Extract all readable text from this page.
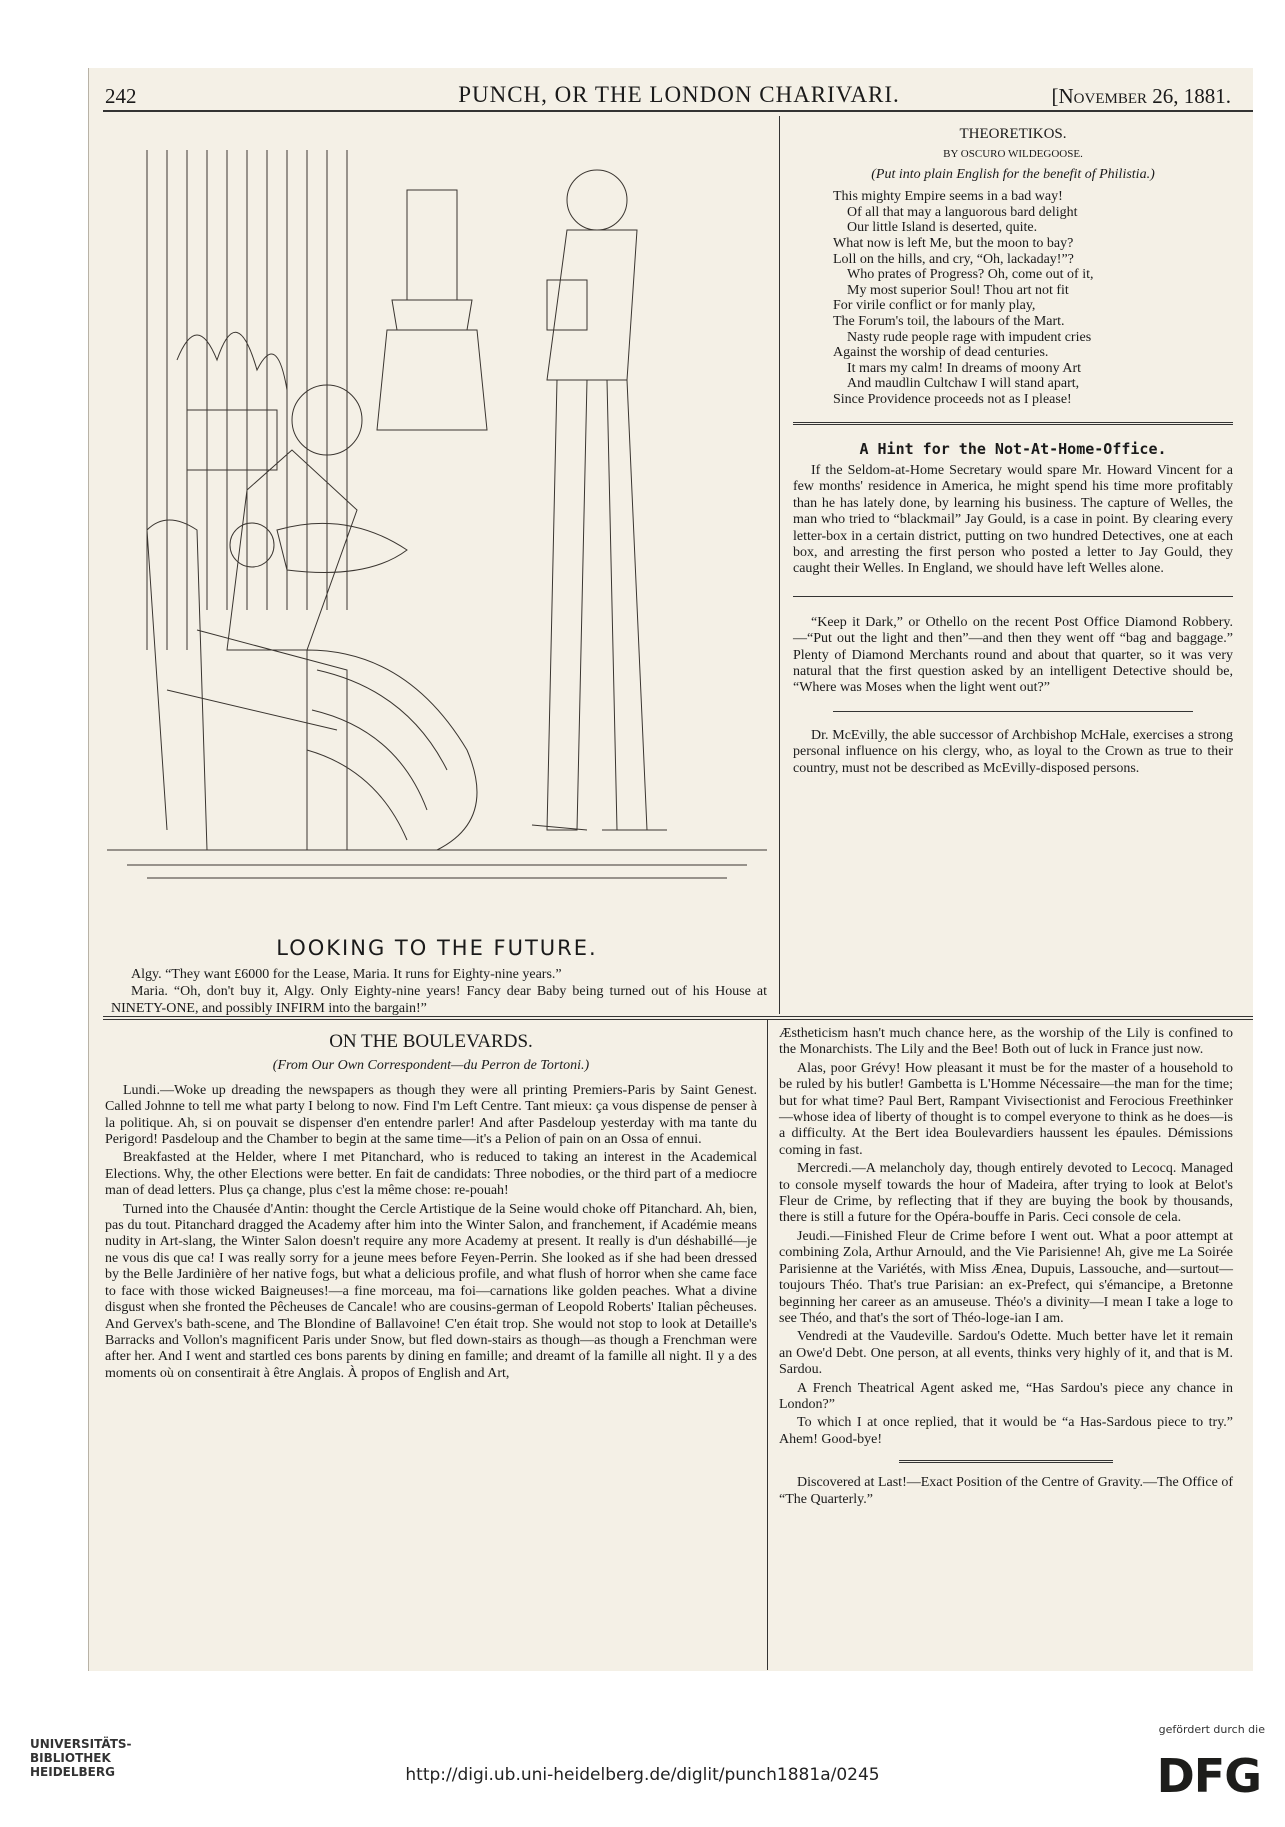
242	PUNCH, OR THE LONDON CHARIVARI.	[November 26, 1881.
LOOKING TO THE FUTURE.

Algy. “They want £6000 for the Lease, Maria. It runs for Eighty-nine years.”

Maria. “Oh, don't buy it, Algy. Only Eighty-nine years! Fancy dear Baby being turned out of his House at NINETY-ONE, and possibly INFIRM into the bargain!”

THEORETIKOS.
BY OSCURO WILDEGOOSE.
(Put into plain English for the benefit of Philistia.)
This mighty Empire seems in a bad way!
Of all that may a languorous bard delight
Our little Island is deserted, quite.
What now is left Me, but the moon to bay?
Loll on the hills, and cry, “Oh, lackaday!”?
Who prates of Progress? Oh, come out of it,
My most superior Soul! Thou art not fit
For virile conflict or for manly play,
The Forum's toil, the labours of the Mart.
Nasty rude people rage with impudent cries
Against the worship of dead centuries.
It mars my calm! In dreams of moony Art
And maudlin Cultchaw I will stand apart,
Since Providence proceeds not as I please!
A Hint for the Not-At-Home-Office.

If the Seldom-at-Home Secretary would spare Mr. Howard Vincent for a few months' residence in America, he might spend his time more profitably than he has lately done, by learning his business. The capture of Welles, the man who tried to “blackmail” Jay Gould, is a case in point. By clearing every letter-box in a certain district, putting on two hundred Detectives, one at each box, and arresting the first person who posted a letter to Jay Gould, they caught their Welles. In England, we should have left Welles alone.

“Keep it Dark,” or Othello on the recent Post Office Diamond Robbery.—“Put out the light and then”—and then they went off “bag and baggage.” Plenty of Diamond Merchants round and about that quarter, so it was very natural that the first question asked by an intelligent Detective should be, “Where was Moses when the light went out?”

Dr. McEvilly, the able successor of Archbishop McHale, exercises a strong personal influence on his clergy, who, as loyal to the Crown as true to their country, must not be described as McEvilly-disposed persons.

ON THE BOULEVARDS.
(From Our Own Correspondent—du Perron de Tortoni.)

Lundi.—Woke up dreading the newspapers as though they were all printing Premiers-Paris by Saint Genest. Called Johnne to tell me what party I belong to now. Find I'm Left Centre. Tant mieux: ça vous dispense de penser à la politique. Ah, si on pouvait se dispenser d'en entendre parler! And after Pasdeloup yesterday with ma tante du Perigord! Pasdeloup and the Chamber to begin at the same time—it's a Pelion of pain on an Ossa of ennui.

Breakfasted at the Helder, where I met Pitanchard, who is reduced to taking an interest in the Academical Elections. Why, the other Elections were better. En fait de candidats: Three nobodies, or the third part of a mediocre man of dead letters. Plus ça change, plus c'est la même chose: re-pouah!

Turned into the Chausée d'Antin: thought the Cercle Artistique de la Seine would choke off Pitanchard. Ah, bien, pas du tout. Pitanchard dragged the Academy after him into the Winter Salon, and franchement, if Académie means nudity in Art-slang, the Winter Salon doesn't require any more Academy at present. It really is d'un déshabillé—je ne vous dis que ca! I was really sorry for a jeune mees before Feyen-Perrin. She looked as if she had been dressed by the Belle Jardinière of her native fogs, but what a delicious profile, and what flush of horror when she came face to face with those wicked Baigneuses!—a fine morceau, ma foi—carnations like golden peaches. What a divine disgust when she fronted the Pêcheuses de Cancale! who are cousins-german of Leopold Roberts' Italian pêcheuses. And Gervex's bath-scene, and The Blondine of Ballavoine! C'en était trop. She would not stop to look at Detaille's Barracks and Vollon's magnificent Paris under Snow, but fled down-stairs as though—as though a Frenchman were after her. And I went and startled ces bons parents by dining en famille; and dreamt of la famille all night. Il y a des moments où on consentirait à être Anglais. À propos of English and Art,

Æstheticism hasn't much chance here, as the worship of the Lily is confined to the Monarchists. The Lily and the Bee! Both out of luck in France just now.

Alas, poor Grévy! How pleasant it must be for the master of a household to be ruled by his butler! Gambetta is L'Homme Nécessaire—the man for the time; but for what time? Paul Bert, Rampant Vivisectionist and Ferocious Freethinker—whose idea of liberty of thought is to compel everyone to think as he does—is a difficulty. At the Bert idea Boulevardiers haussent les épaules. Démissions coming in fast.

Mercredi.—A melancholy day, though entirely devoted to Lecocq. Managed to console myself towards the hour of Madeira, after trying to look at Belot's Fleur de Crime, by reflecting that if they are buying the book by thousands, there is still a future for the Opéra-bouffe in Paris. Ceci console de cela.

Jeudi.—Finished Fleur de Crime before I went out. What a poor attempt at combining Zola, Arthur Arnould, and the Vie Parisienne! Ah, give me La Soirée Parisienne at the Variétés, with Miss Ænea, Dupuis, Lassouche, and—surtout—toujours Théo. That's true Parisian: an ex-Prefect, qui s'émancipe, a Bretonne beginning her career as an amuseuse. Théo's a divinity—I mean I take a loge to see Théo, and that's the sort of Théo-loge-ian I am.

Vendredi at the Vaudeville. Sardou's Odette. Much better have let it remain an Owe'd Debt. One person, at all events, thinks very highly of it, and that is M. Sardou.

A French Theatrical Agent asked me, “Has Sardou's piece any chance in London?”

To which I at once replied, that it would be “a Has-Sardous piece to try.” Ahem! Good-bye!

Discovered at Last!—Exact Position of the Centre of Gravity.—The Office of “The Quarterly.”

UNIVERSITÄTS-
BIBLIOTHEK
HEIDELBERG	http://digi.ub.uni-heidelberg.de/diglit/punch1881a/0245
gefördert durch die
DFG
